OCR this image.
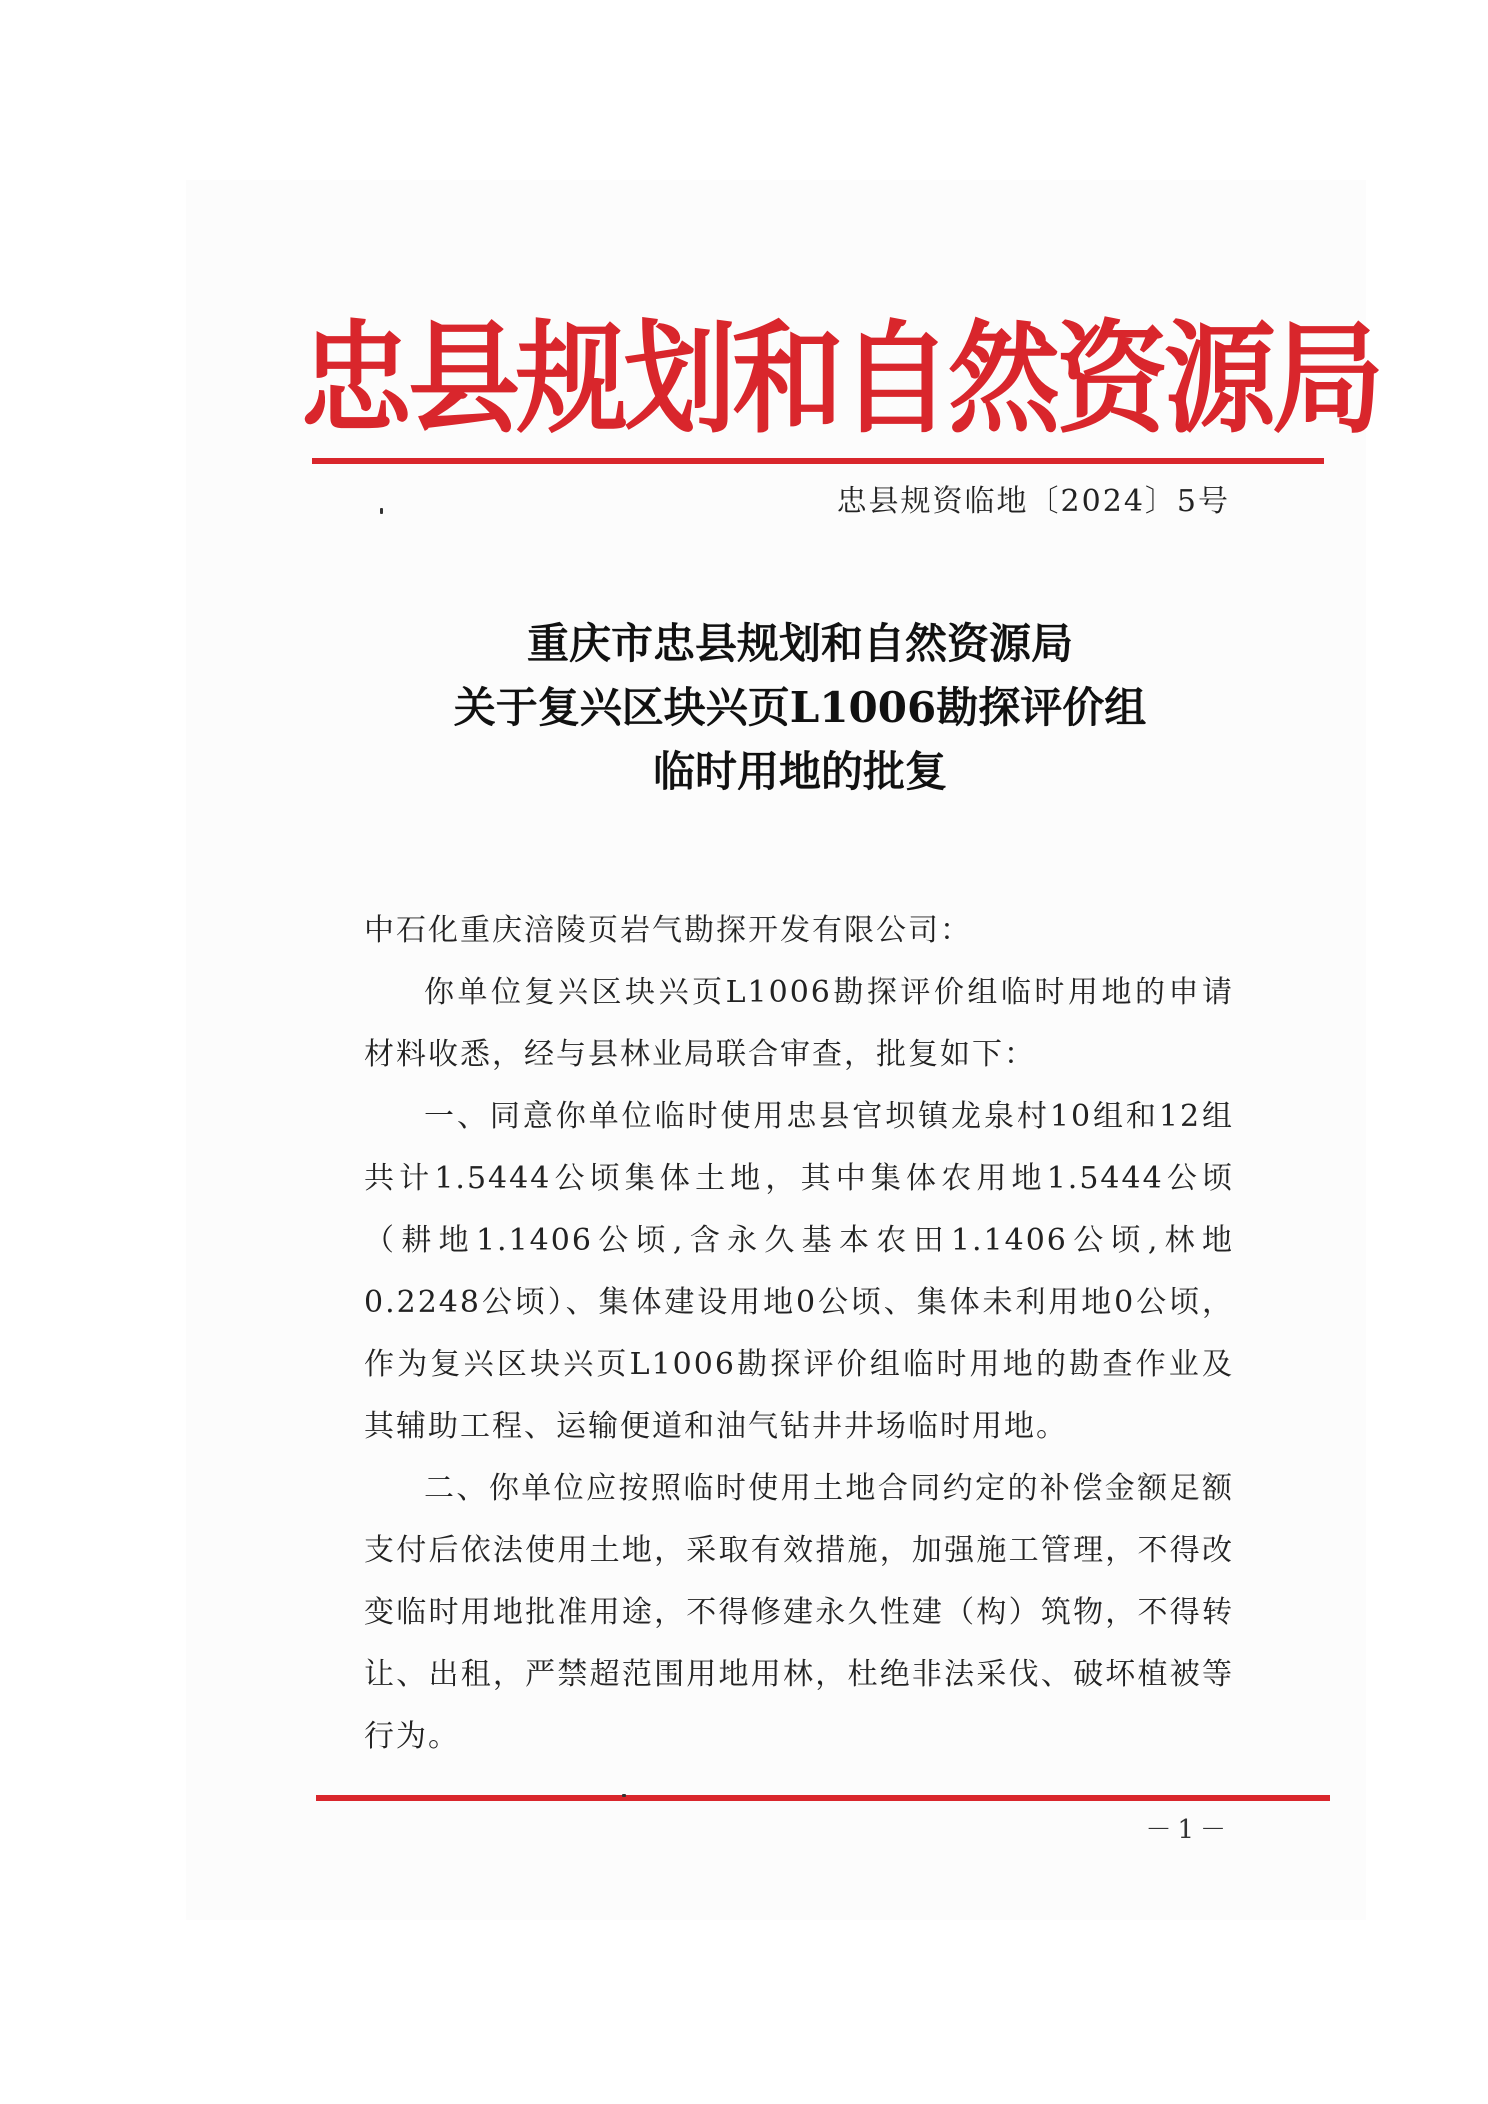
忠县规划和自然资源局
忠县规资临地〔2024〕5号
重庆市忠县规划和自然资源局
关于复兴区块兴页L1006勘探评价组
临时用地的批复

中石化重庆涪陵页岩气勘探开发有限公司：

你单位复兴区块兴页L1006勘探评价组临时用地的申请材料收悉，经与县林业局联合审查，批复如下：

一、同意你单位临时使用忠县官坝镇龙泉村10组和12组共计1.5444公顷集体土地，其中集体农用地1.5444公顷（耕地1.1406公顷,含永久基本农田1.1406公顷,林地0.2248公顷）、集体建设用地0公顷、集体未利用地0公顷，作为复兴区块兴页L1006勘探评价组临时用地的勘查作业及其辅助工程、运输便道和油气钻井井场临时用地。

二、你单位应按照临时使用土地合同约定的补偿金额足额支付后依法使用土地，采取有效措施，加强施工管理，不得改变临时用地批准用途，不得修建永久性建（构）筑物，不得转让、出租，严禁超范围用地用林，杜绝非法采伐、破坏植被等行为。

－1－
